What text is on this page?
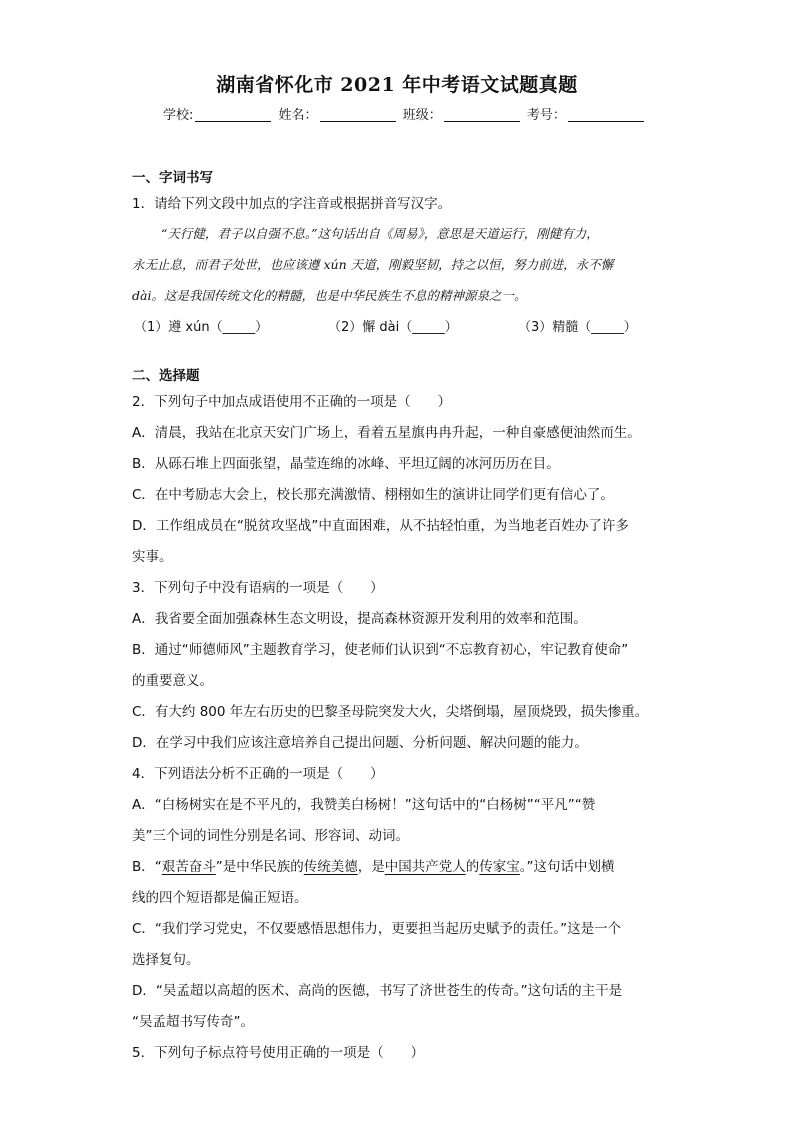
湖南省怀化市 2021 年中考语文试题真题
学校:	姓名：	班级：	考号：
一、字词书写
1．请给下列文段中加点的字注音或根据拼音写汉字。
“天行健，君子以自强不息。”这句话出自《周易》，意思是天道运行，刚健有力，
永无止息，而君子处世，也应该遵 xún 天道，刚毅坚韧，持之以恒，努力前进，永不懈
dài。这是我国传统文化的精髓，也是中华民族生不息的精神源泉之一。
（1）遵 xún（_____）	（2）懈 dài（_____）	（3）精髓（_____）
二、选择题
2．下列句子中加点成语使用不正确的一项是（　　）
A．清晨，我站在北京天安门广场上，看着五星旗冉冉升起，一种自豪感便油然而生。
B．从砾石堆上四面张望，晶莹连绵的冰峰、平坦辽阔的冰河历历在目。
C．在中考励志大会上，校长那充满激情、栩栩如生的演讲让同学们更有信心了。
D．工作组成员在“脱贫攻坚战”中直面困难，从不拈轻怕重，为当地老百姓办了许多
实事。
3．下列句子中没有语病的一项是（　　）
A．我省要全面加强森林生态文明设，提高森林资源开发利用的效率和范围。
B．通过“师德师风”主题教育学习，使老师们认识到“不忘教育初心，牢记教育使命”
的重要意义。
C．有大约 800 年左右历史的巴黎圣母院突发大火，尖塔倒塌，屋顶烧毁，损失惨重。
D．在学习中我们应该注意培养自己提出问题、分析问题、解决问题的能力。
4．下列语法分析不正确的一项是（　　）
A．“白杨树实在是不平凡的，我赞美白杨树！”这句话中的“白杨树”“平凡”“赞
美”三个词的词性分别是名词、形容词、动词。
B．“艰苦奋斗”是中华民族的传统美德，是中国共产党人的传家宝。”这句话中划横
线的四个短语都是偏正短语。
C．“我们学习党史，不仅要感悟思想伟力，更要担当起历史赋予的责任。”这是一个
选择复句。
D．“吴孟超以高超的医术、高尚的医德，书写了济世苍生的传奇。”这句话的主干是
“吴孟超书写传奇”。
5．下列句子标点符号使用正确的一项是（　　）
